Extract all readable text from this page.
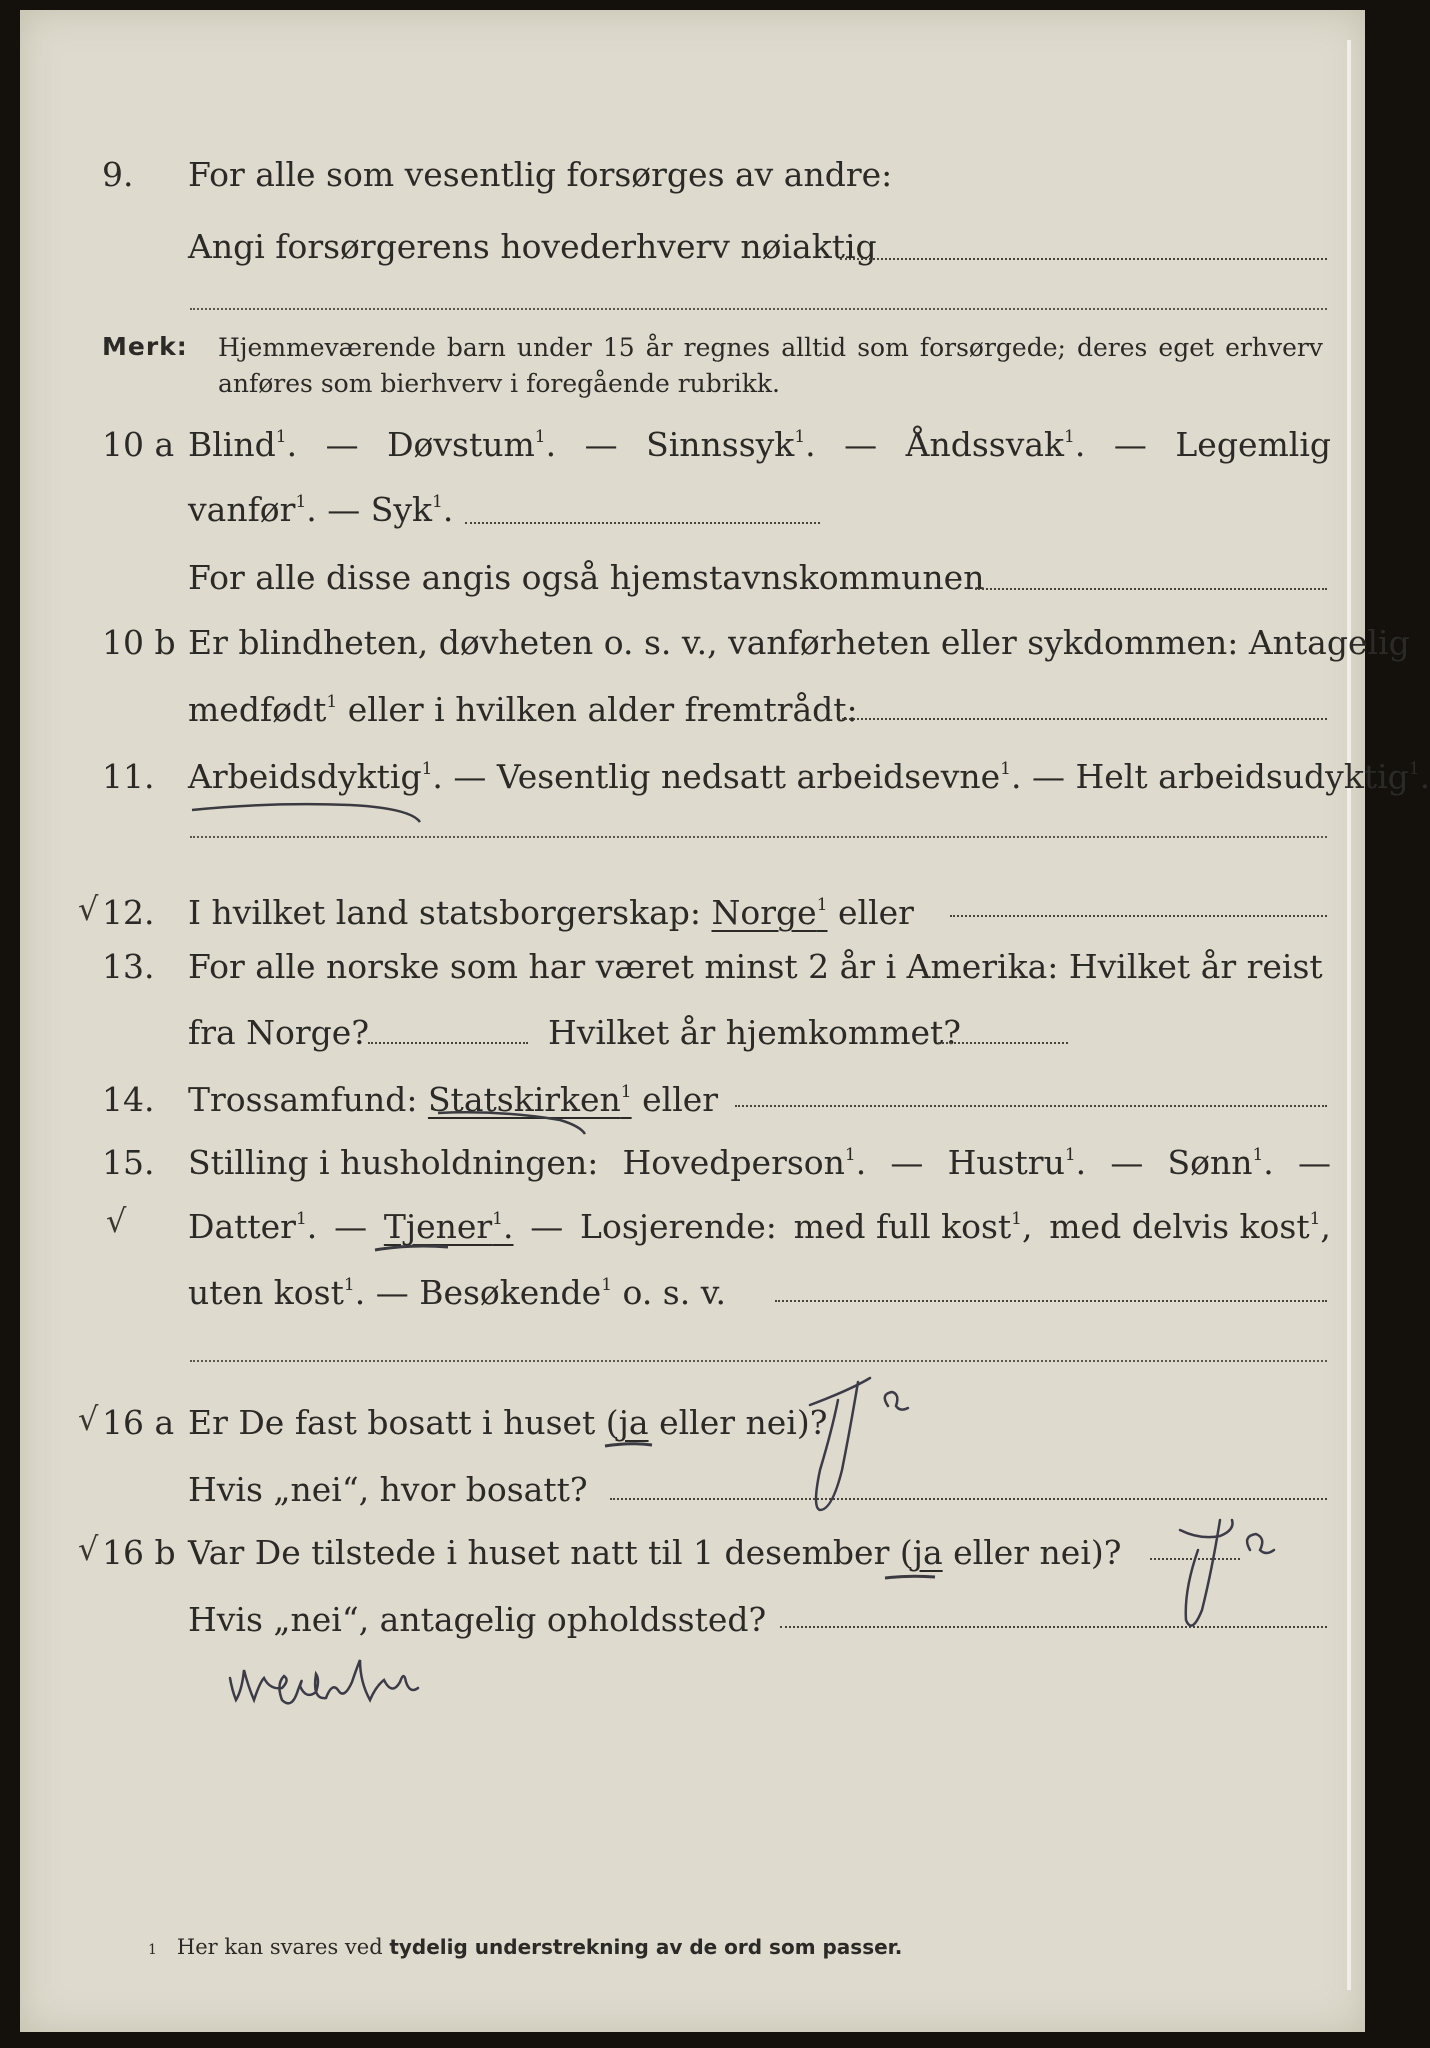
9. For alle som vesentlig forsørges av andre:
Angi forsørgerens hovederhverv nøiaktig
Merk: Hjemmeværende barn under 15 år regnes alltid som forsørgede; deres eget erhverv
anføres som bierhverv i foregående rubrikk.
10 a Blind$^1$. — Døvstum$^1$. — Sinnssyk$^1$. — Åndssvak$^1$. — Legemlig
vanfør$^1$. — Syk$^1$.
For alle disse angis også hjemstavnskommunen
10 b Er blindheten, døvheten o. s. v., vanførheten eller sykdommen: Antagelig
medfødt$^1$ eller i hvilken alder fremtrådt:
11. Arbeidsdyktig$^1$. — Vesentlig nedsatt arbeidsevne$^1$. — Helt arbeidsudyktig$^1$.
√ 12. I hvilket land statsborgerskap: Norge$^1$ eller
13. For alle norske som har været minst 2 år i Amerika: Hvilket år reist
fra Norge?	Hvilket år hjemkommet?
14. Trossamfund: Statskirken$^1$ eller
15. Stilling i husholdningen: Hovedperson$^1$. — Hustru$^1$. — Sønn$^1$. —
√ Datter$^1$. — Tjener$^1$. — Losjerende: med full kost$^1$, med delvis kost$^1$,
uten kost$^1$. — Besøkende$^1$ o. s. v.
√ 16 a Er De fast bosatt i huset (ja eller nei)?
Hvis „nei“, hvor bosatt?
√ 16 b Var De tilstede i huset natt til 1 desember (ja eller nei)?
Hvis „nei“, antagelig opholdssted?
1 Her kan svares ved tydelig understrekning av de ord som passer.
